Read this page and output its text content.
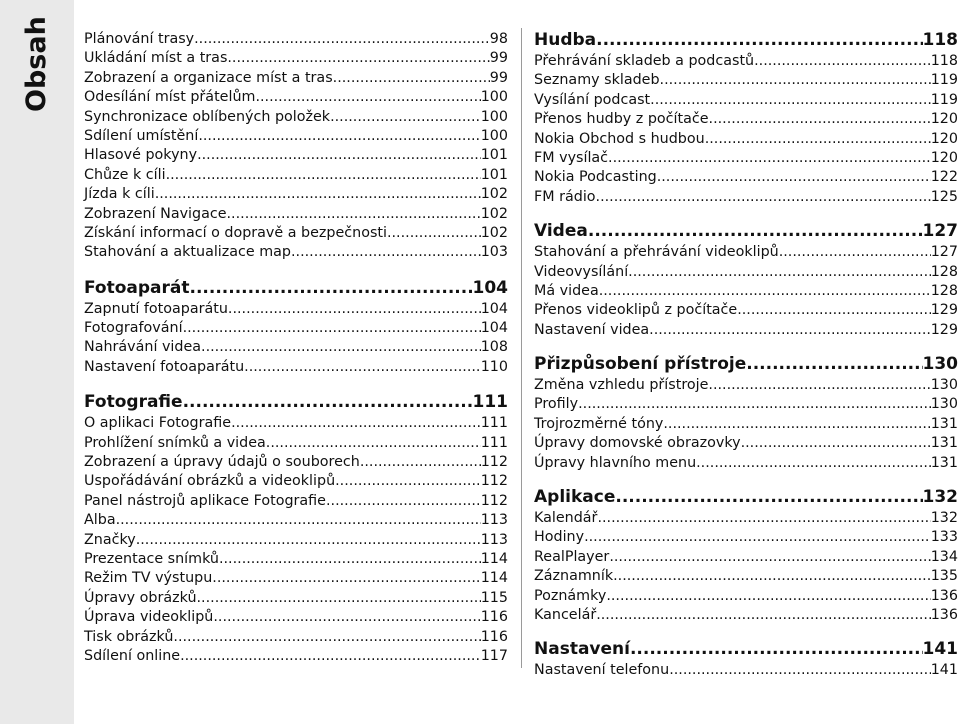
Obsah Plánování trasy .....	98
Ukládání míst a tras .....	99
Zobrazení a organizace míst a tras .....	99
Odesílání míst přátelům .....	100
Synchronizace oblíbených položek .....	100
Sdílení umístění .....	100
Hlasové pokyny .....	101
Chůze k cíli .....	101
Jízda k cíli .....	102
Zobrazení Navigace .....	102
Získání informací o dopravě a bezpečnosti .....	102
Stahování a aktualizace map .....	103
Fotoaparát .....	104
Zapnutí fotoaparátu .....	104
Fotografování .....	104
Nahrávání videa .....	108
Nastavení fotoaparátu .....	110
Fotografie .....	111
O aplikaci Fotografie .....	111
Prohlížení snímků a videa .....	111
Zobrazení a úpravy údajů o souborech .....	112
Uspořádávání obrázků a videoklipů .....	112
Panel nástrojů aplikace Fotografie .....	112
Alba .....	113
Značky .....	113
Prezentace snímků .....	114
Režim TV výstupu .....	114
Úpravy obrázků .....	115
Úprava videoklipů .....	116
Tisk obrázků .....	116
Sdílení online .....	117
Hudba .....	118
Přehrávání skladeb a podcastů .....	118
Seznamy skladeb .....	119
Vysílání podcast .....	119
Přenos hudby z počítače .....	120
Nokia Obchod s hudbou .....	120
FM vysílač .....	120
Nokia Podcasting .....	122
FM rádio .....	125
Videa .....	127
Stahování a přehrávání videoklipů .....	127
Videovysílání .....	128
Má videa .....	128
Přenos videoklipů z počítače .....	129
Nastavení videa .....	129
Přizpůsobení přístroje .....	130
Změna vzhledu přístroje .....	130
Profily .....	130
Trojrozměrné tóny .....	131
Úpravy domovské obrazovky .....	131
Úpravy hlavního menu .....	131
Aplikace .....	132
Kalendář .....	132
Hodiny .....	133
RealPlayer .....	134
Záznamník .....	135
Poznámky .....	136
Kancelář .....	136
Nastavení .....	141
Nastavení telefonu .....	141
